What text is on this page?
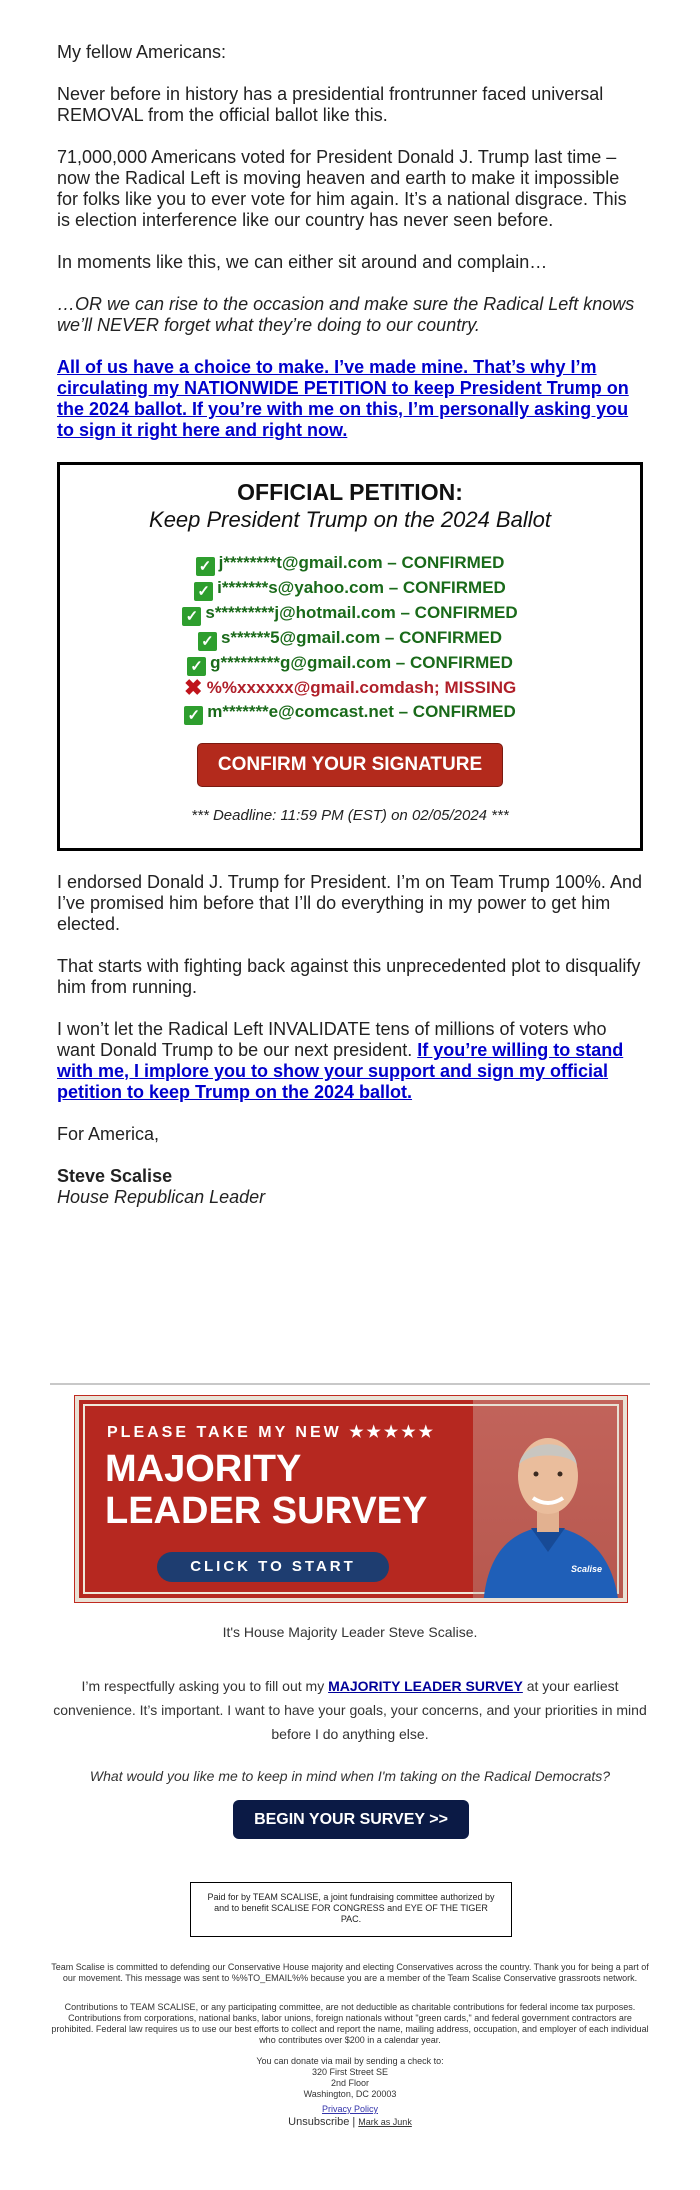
My fellow Americans:

Never before in history has a presidential frontrunner faced universal REMOVAL from the official ballot like this.

71,000,000 Americans voted for President Donald J. Trump last time – now the Radical Left is moving heaven and earth to make it impossible for folks like you to ever vote for him again. It’s a national disgrace. This is election interference like our country has never seen before.

In moments like this, we can either sit around and complain…

…OR we can rise to the occasion and make sure the Radical Left knows we’ll NEVER forget what they’re doing to our country.

All of us have a choice to make. I’ve made mine. That’s why I’m circulating my NATIONWIDE PETITION to keep President Trump on the 2024 ballot. If you’re with me on this, I’m personally asking you to sign it right here and right now.

OFFICIAL PETITION:
Keep President Trump on the 2024 Ballot
✓ j********t@gmail.com – CONFIRMED
✓ i*******s@yahoo.com – CONFIRMED
✓ s*********j@hotmail.com – CONFIRMED
✓ s******5@gmail.com – CONFIRMED
✓ g*********g@gmail.com – CONFIRMED
✖ %%xxxxxx@gmail.comdash; MISSING
✓ m*******e@comcast.net – CONFIRMED
CONFIRM YOUR SIGNATURE
*** Deadline: 11:59 PM (EST) on 02/05/2024 ***

I endorsed Donald J. Trump for President. I’m on Team Trump 100%. And I’ve promised him before that I’ll do everything in my power to get him elected.

That starts with fighting back against this unprecedented plot to disqualify him from running.

I won’t let the Radical Left INVALIDATE tens of millions of voters who want Donald Trump to be our next president. If you’re willing to stand with me, I implore you to show your support and sign my official petition to keep Trump on the 2024 ballot.

For America,

Steve Scalise
House Republican Leader
PLEASE TAKE MY NEW ★★★★★
MAJORITY
LEADER SURVEY
CLICK TO START	Scalise
It's House Majority Leader Steve Scalise.
I’m respectfully asking you to fill out my MAJORITY LEADER SURVEY at your earliest convenience. It’s important. I want to have your goals, your concerns, and your priorities in mind before I do anything else.
What would you like me to keep in mind when I'm taking on the Radical Democrats?
BEGIN YOUR SURVEY >>
Paid for by TEAM SCALISE, a joint fundraising committee authorized by and to benefit SCALISE FOR CONGRESS and EYE OF THE TIGER PAC.
Team Scalise is committed to defending our Conservative House majority and electing Conservatives across the country. Thank you for being a part of our movement. This message was sent to %%TO_EMAIL%% because you are a member of the Team Scalise Conservative grassroots network.
Contributions to TEAM SCALISE, or any participating committee, are not deductible as charitable contributions for federal income tax purposes. Contributions from corporations, national banks, labor unions, foreign nationals without "green cards," and federal government contractors are prohibited. Federal law requires us to use our best efforts to collect and report the name, mailing address, occupation, and employer of each individual who contributes over $200 in a calendar year.
You can donate via mail by sending a check to:
320 First Street SE
2nd Floor
Washington, DC 20003
Privacy Policy
Unsubscribe | Mark as Junk
